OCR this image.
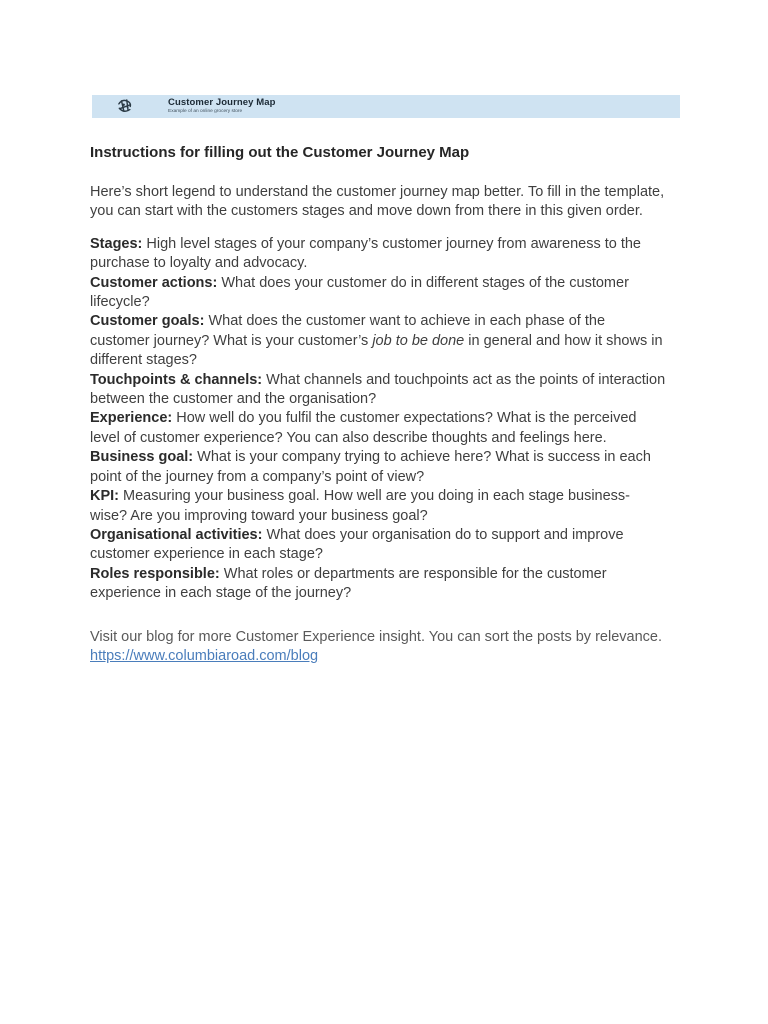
Customer Journey Map
Example of an online grocery store
Instructions for filling out the Customer Journey Map

Here’s short legend to understand the customer journey map better. To fill in the template, you can start with the customers stages and move down from there in this given order.

Stages: High level stages of your company’s customer journey from awareness to the purchase to loyalty and advocacy.

Customer actions: What does your customer do in different stages of the customer lifecycle?

Customer goals: What does the customer want to achieve in each phase of the customer journey? What is your customer’s job to be done in general and how it shows in different stages?

Touchpoints & channels: What channels and touchpoints act as the points of interaction between the customer and the organisation?

Experience: How well do you fulfil the customer expectations? What is the perceived level of customer experience? You can also describe thoughts and feelings here.

Business goal: What is your company trying to achieve here? What is success in each point of the journey from a company’s point of view?

KPI: Measuring your business goal. How well are you doing in each stage business-wise? Are you improving toward your business goal?

Organisational activities: What does your organisation do to support and improve customer experience in each stage?

Roles responsible: What roles or departments are responsible for the customer experience in each stage of the journey?

Visit our blog for more Customer Experience insight. You can sort the posts by relevance.

https://www.columbiaroad.com/blog
